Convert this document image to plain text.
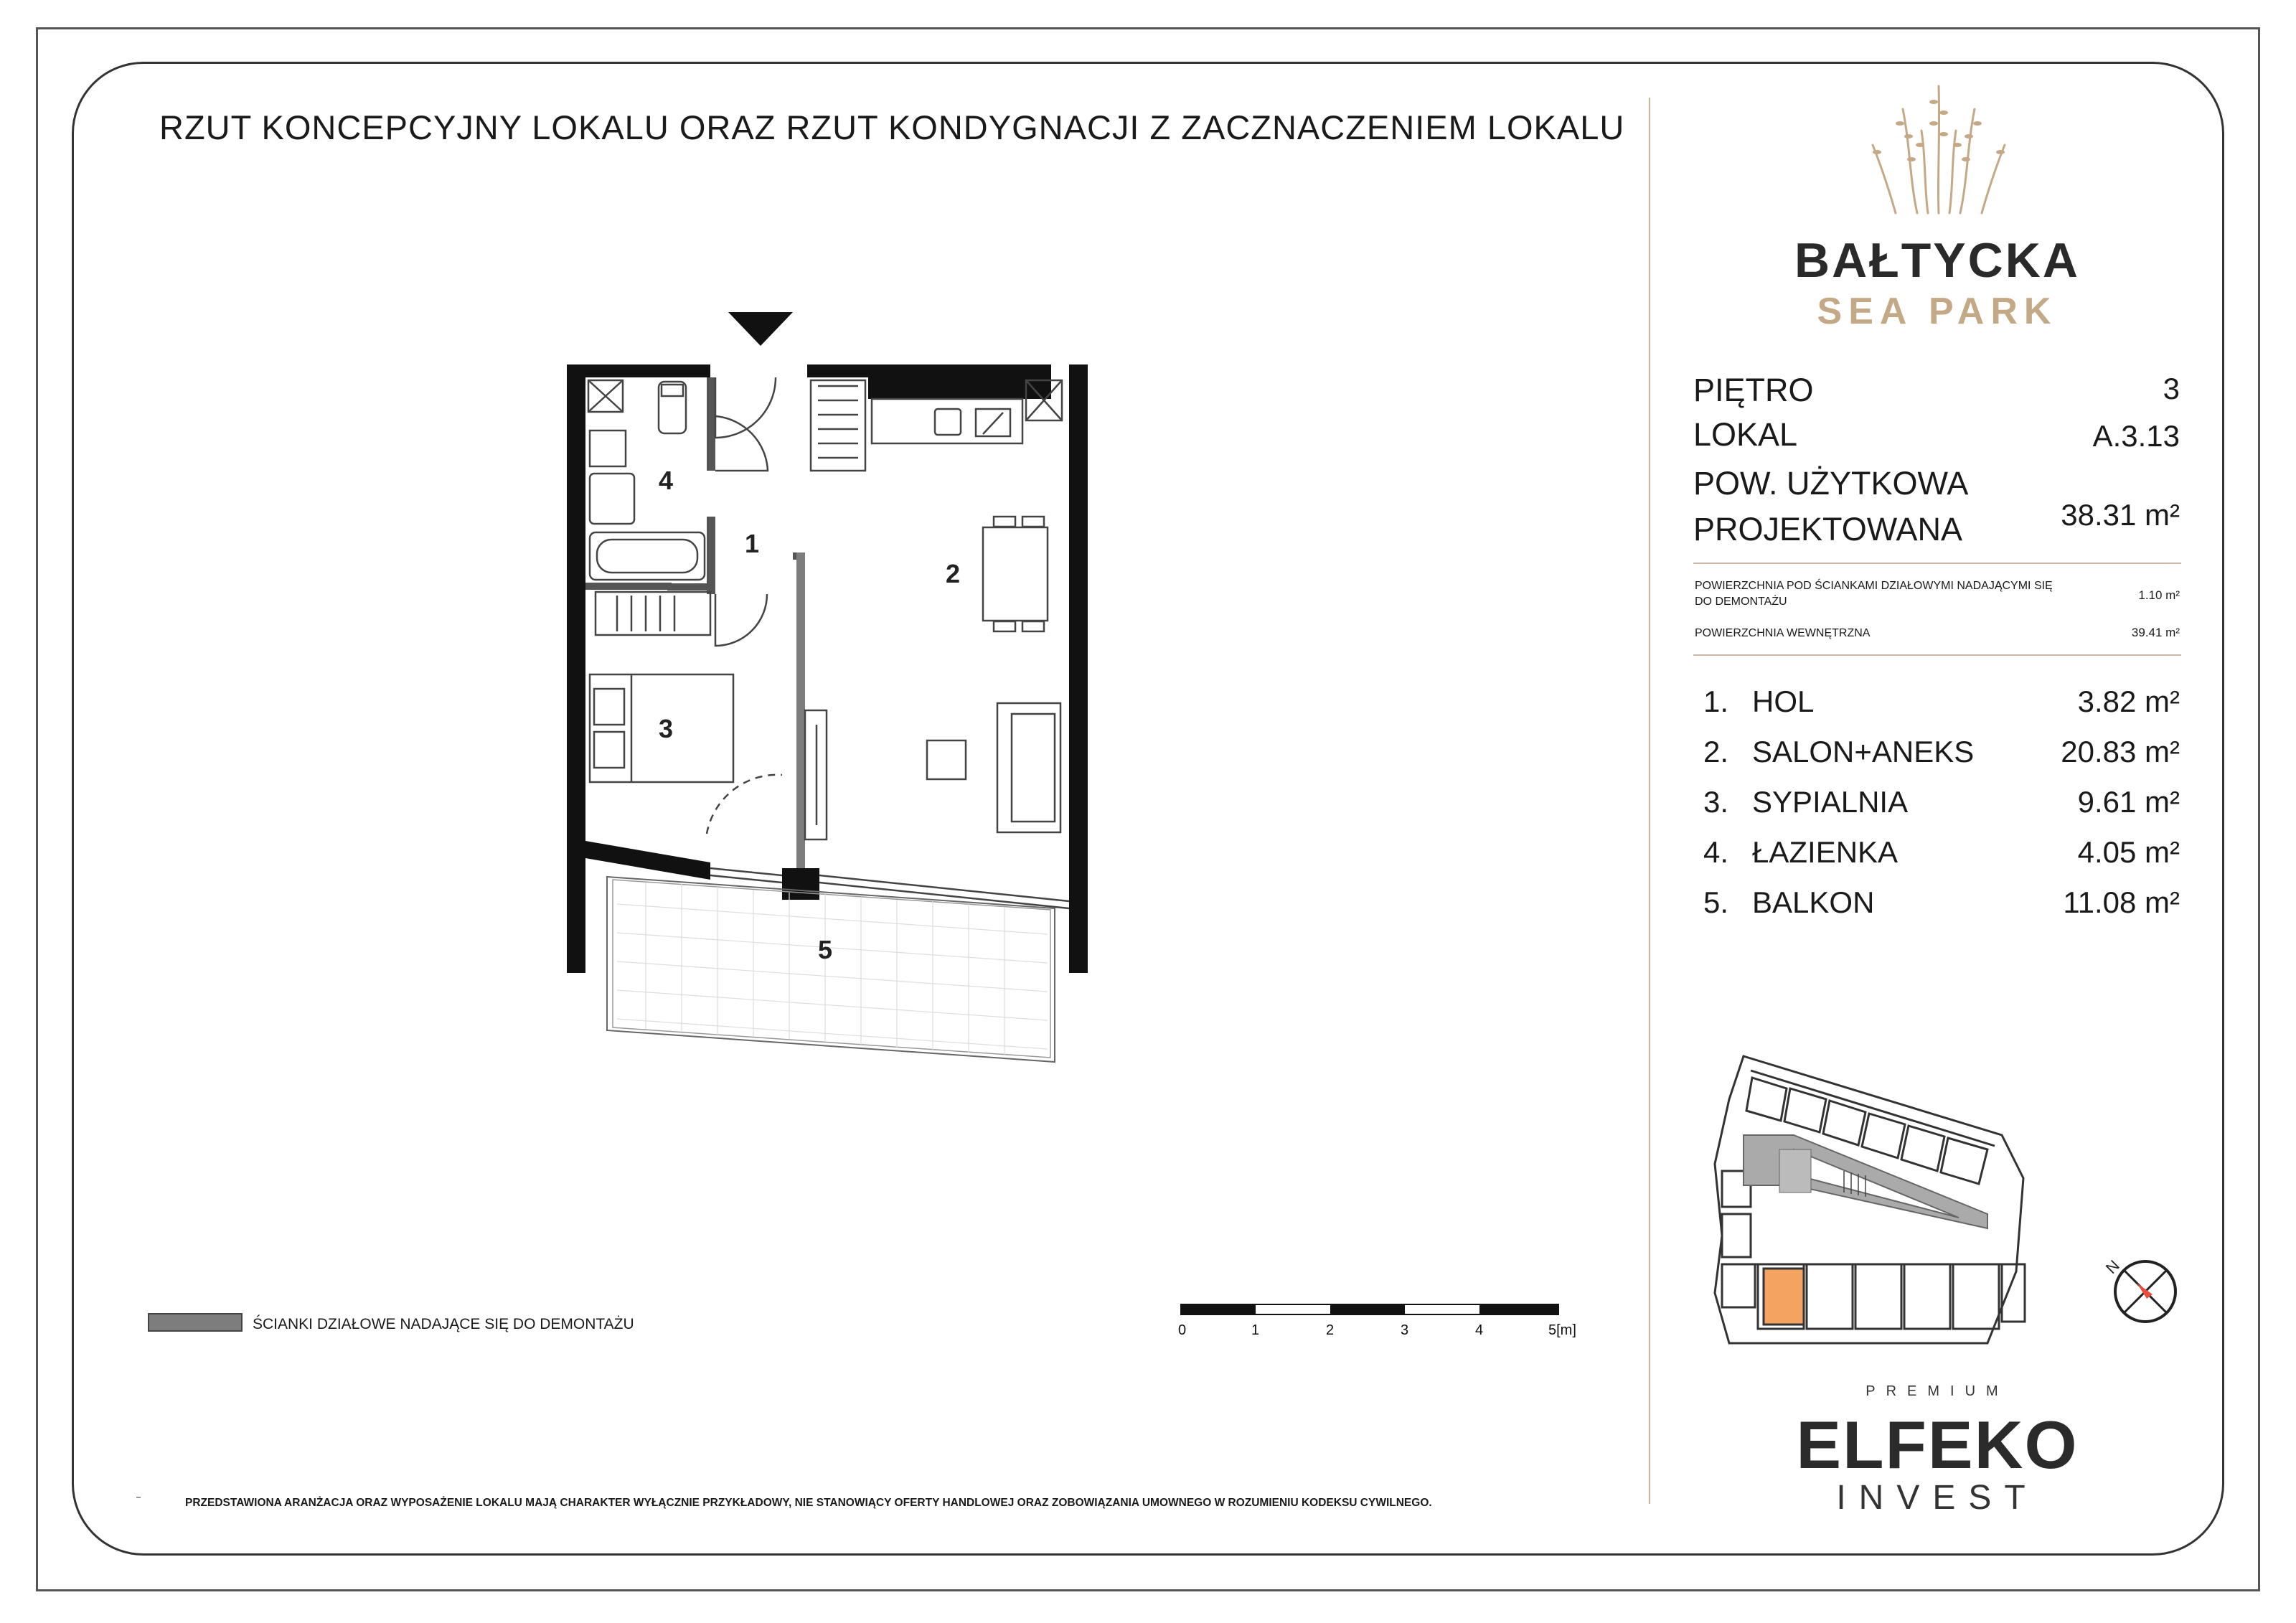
RZUT KONCEPCYJNY LOKALU ORAZ RZUT KONDYGNACJI Z ZACZNACZENIEM LOKALU
4
1
2
3
5
ŚCIANKI DZIAŁOWE NADAJĄCE SIĘ DO DEMONTAŻU	0	1	2	3	4	5[m]
PRZEDSTAWIONA ARANŻACJA ORAZ WYPOSAŻENIE LOKALU MAJĄ CHARAKTER WYŁĄCZNIE PRZYKŁADOWY, NIE STANOWIĄCY OFERTY HANDLOWEJ ORAZ ZOBOWIĄZANIA UMOWNEGO W ROZUMIENIU KODEKSU CYWILNEGO.
BAŁTYCKA
SEA PARK
PIĘTRO	3
LOKAL	A.3.13
POW. UŻYTKOWA
PROJEKTOWANA	38.31 m²
POWIERZCHNIA POD ŚCIANKAMI DZIAŁOWYMI NADAJĄCYMI SIĘ DO DEMONTAŻU	1.10 m²
POWIERZCHNIA WEWNĘTRZNA	39.41 m²
1. HOL	3.82 m²
2. SALON+ANEKS	20.83 m²
3. SYPIALNIA	9.61 m²
4. ŁAZIENKA	4.05 m²
5. BALKON	11.08 m²
N
PREMIUM
ELFEKO
INVEST
